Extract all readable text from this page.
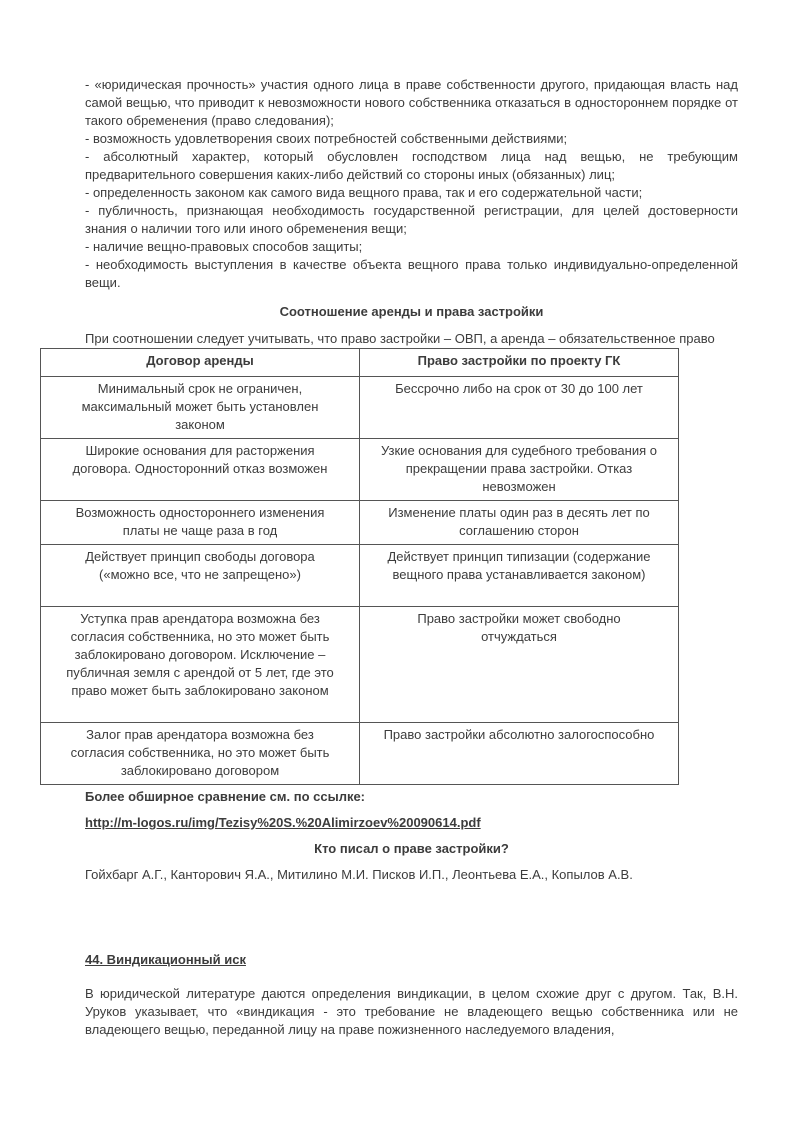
- «юридическая прочность» участия одного лица в праве собственности другого, придающая власть над самой вещью, что приводит к невозможности нового собственника отказаться в одностороннем порядке от такого обременения (право следования);

- возможность удовлетворения своих потребностей собственными действиями;

- абсолютный характер, который обусловлен господством лица над вещью, не требующим предварительного совершения каких-либо действий со стороны иных (обязанных) лиц;

- определенность законом как самого вида вещного права, так и его содержательной части;

- публичность, признающая необходимость государственной регистрации, для целей достоверности знания о наличии того или иного обременения вещи;

- наличие вещно-правовых способов защиты;

- необходимость выступления в качестве объекта вещного права только индивидуально-определенной вещи.

Соотношение аренды и права застройки
При соотношении следует учитывать, что право застройки – ОВП, а аренда – обязательственное право
Договор аренды	Право застройки по проекту ГК
Минимальный срок не ограничен, максимальный может быть установлен законом	Бессрочно либо на срок от 30 до 100 лет
Широкие основания для расторжения договора. Односторонний отказ возможен	Узкие основания для судебного требования о прекращении права застройки. Отказ невозможен
Возможность одностороннего изменения платы не чаще раза в год	Изменение платы один раз в десять лет по соглашению сторон
Действует принцип свободы договора («можно все, что не запрещено»)	Действует принцип типизации (содержание вещного права устанавливается законом)
Уступка прав арендатора возможна без согласия собственника, но это может быть заблокировано договором. Исключение – публичная земля с арендой от 5 лет, где это право может быть заблокировано законом	Право застройки может свободно отчуждаться
Залог прав арендатора возможна без согласия собственника, но это может быть заблокировано договором	Право застройки абсолютно залогоспособно
Более обширное сравнение см. по ссылке:
http://m-logos.ru/img/Tezisy%20S.%20Alimirzoev%20090614.pdf
Кто писал о праве застройки?
Гойхбарг А.Г., Канторович Я.А., Митилино М.И. Писков И.П., Леонтьева Е.А., Копылов А.В.
44. Виндикационный иск
В юридической литературе даются определения виндикации, в целом схожие друг с другом. Так, В.Н. Уруков указывает, что «виндикация - это требование не владеющего вещью собственника или не владеющего вещью, переданной лицу на праве пожизненного наследуемого владения,
